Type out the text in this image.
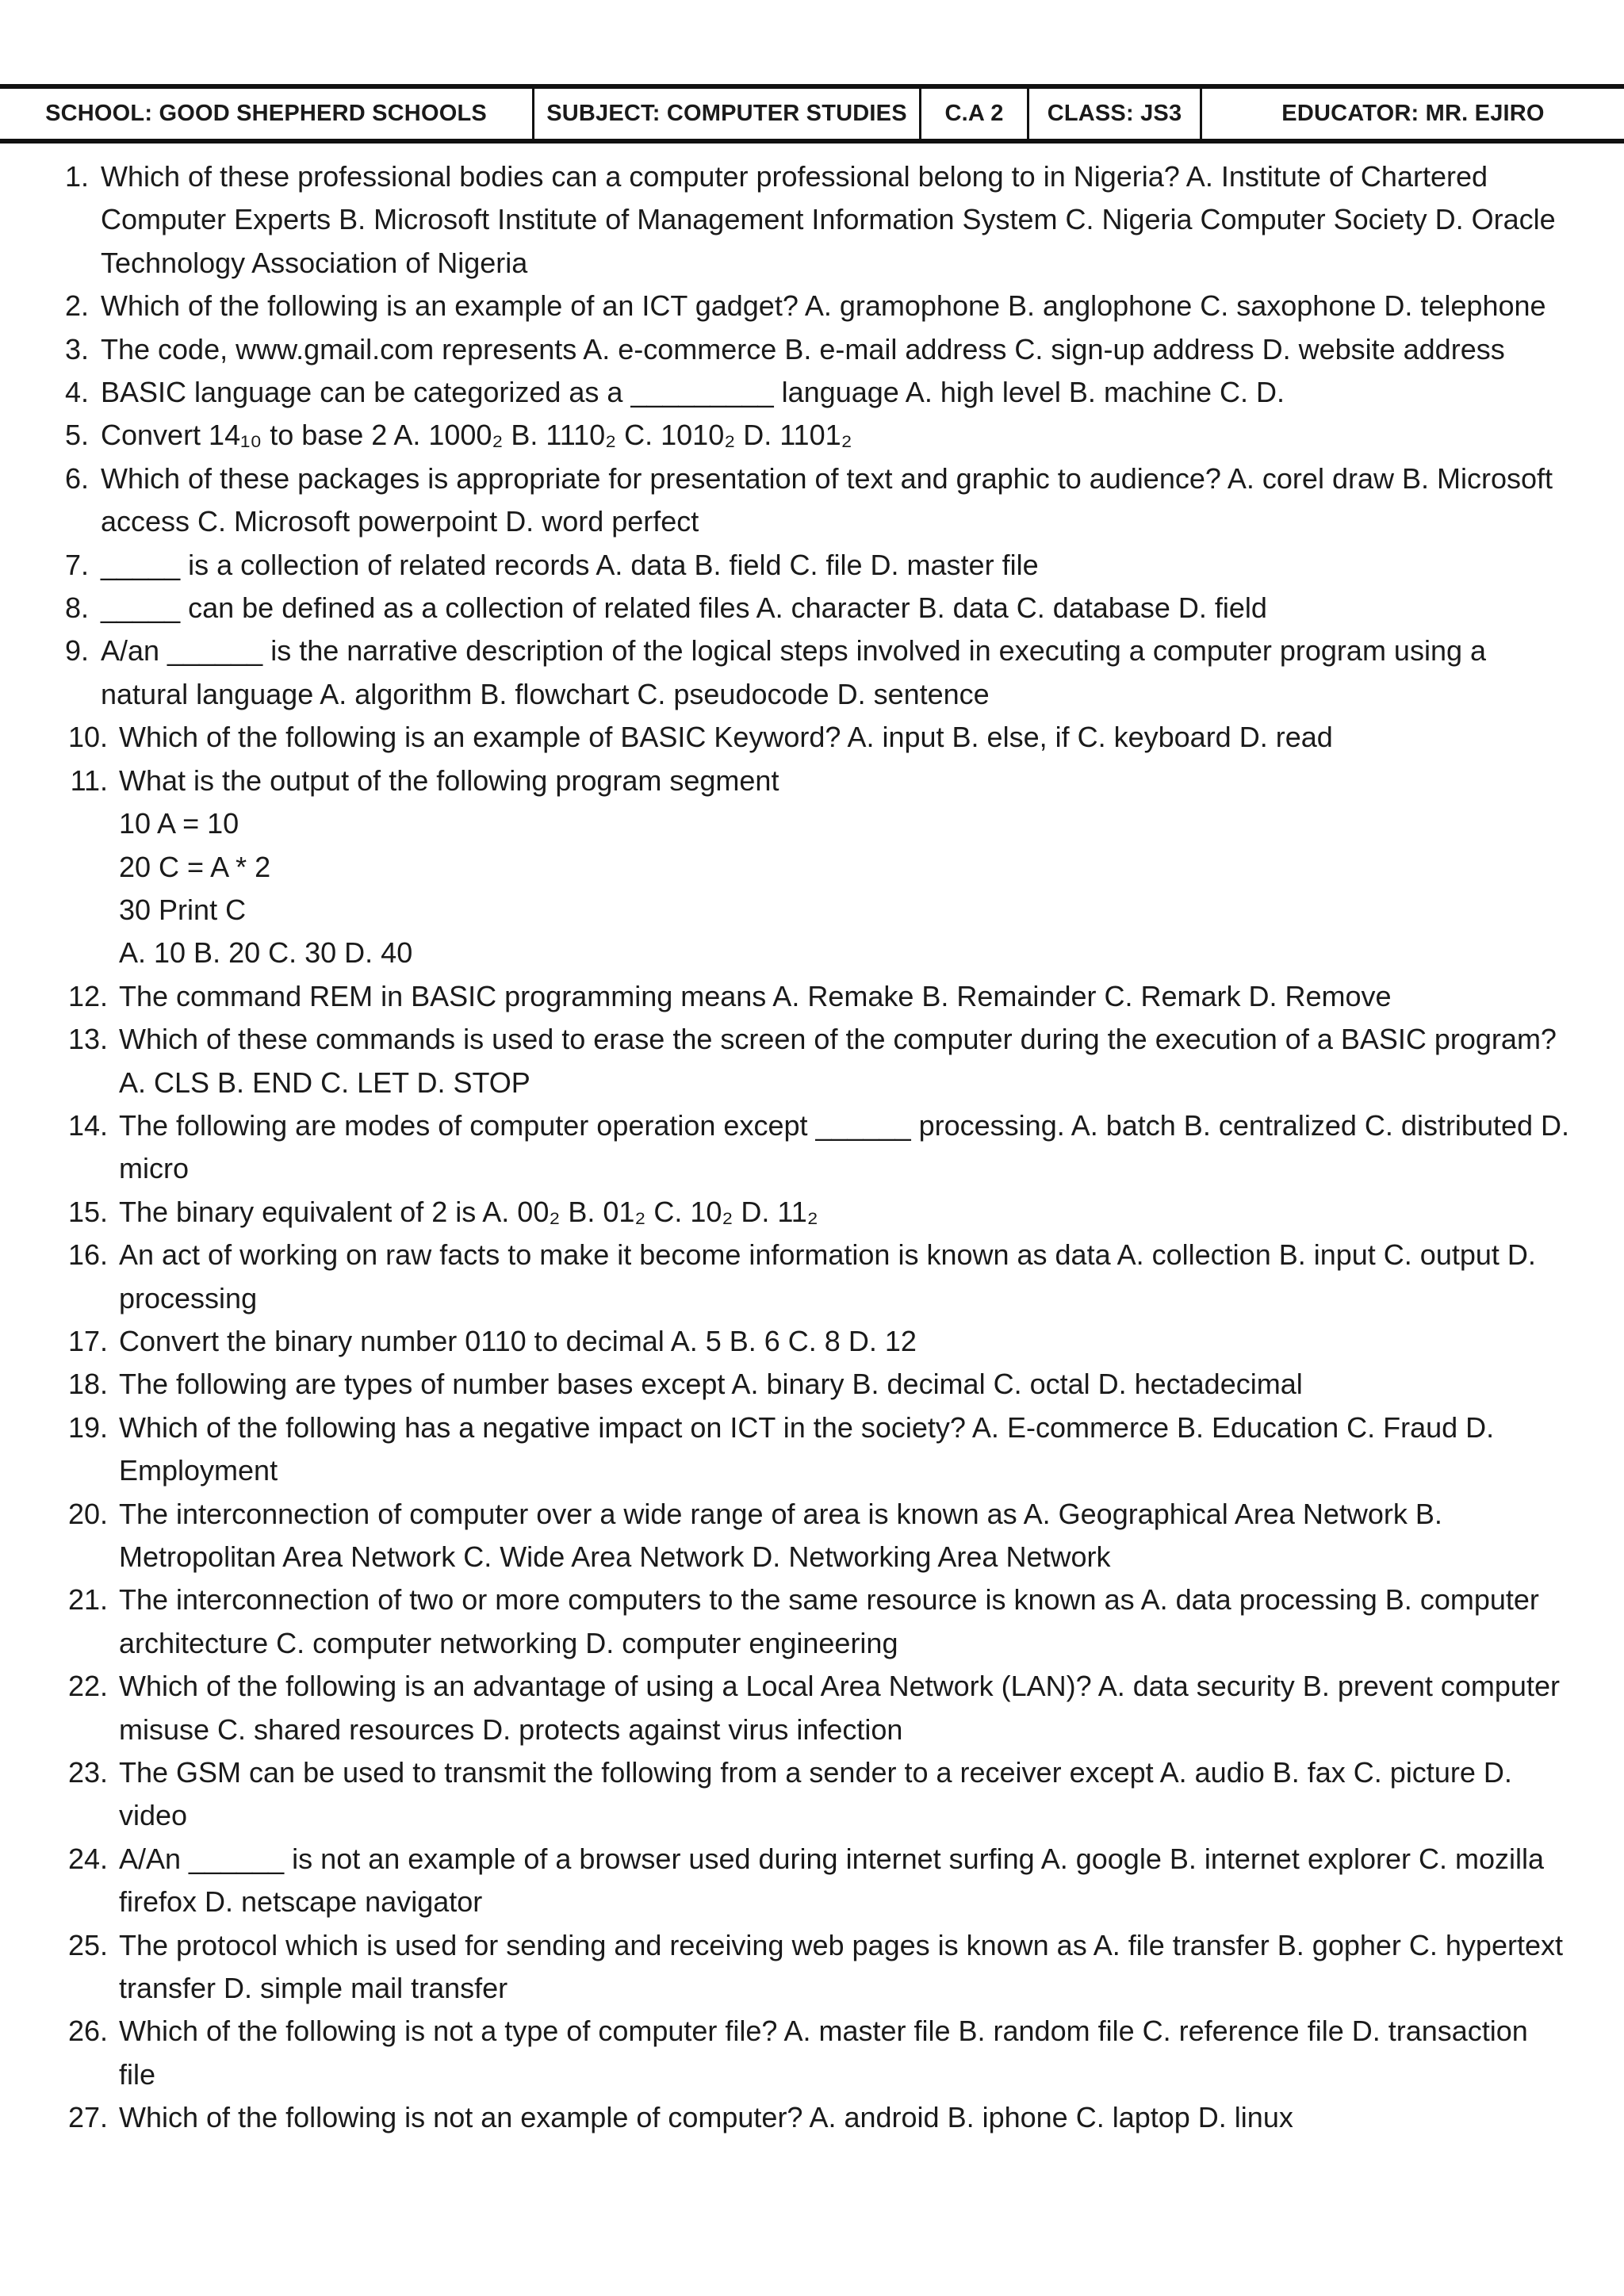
SCHOOL: GOOD SHEPHERD SCHOOLS	SUBJECT: COMPUTER STUDIES	C.A 2	CLASS: JS3	EDUCATOR: MR. EJIRO
1. Which of these professional bodies can a computer professional belong to in Nigeria? A. Institute of Chartered Computer Experts B. Microsoft Institute of Management Information System C. Nigeria Computer Society D. Oracle Technology Association of Nigeria
2. Which of the following is an example of an ICT gadget? A. gramophone B. anglophone C. saxophone D. telephone
3. The code, www.gmail.com represents A. e-commerce B. e-mail address C. sign-up address D. website address
4. BASIC language can be categorized as a _________ language A. high level B. machine C. D.
5. Convert 14₁₀ to base 2 A. 1000₂ B. 1110₂ C. 1010₂ D. 1101₂
6. Which of these packages is appropriate for presentation of text and graphic to audience? A. corel draw B. Microsoft access C. Microsoft powerpoint D. word perfect
7. _____ is a collection of related records A. data B. field C. file D. master file
8. _____ can be defined as a collection of related files A. character B. data C. database D. field
9. A/an ______ is the narrative description of the logical steps involved in executing a computer program using a natural language A. algorithm B. flowchart C. pseudocode D. sentence
10. Which of the following is an example of BASIC Keyword? A. input B. else, if C. keyboard D. read
11. What is the output of the following program segment
10 A = 10
20 C = A * 2
30 Print C
A. 10 B. 20 C. 30 D. 40
12. The command REM in BASIC programming means A. Remake B. Remainder C. Remark D. Remove
13. Which of these commands is used to erase the screen of the computer during the execution of a BASIC program? A. CLS B. END C. LET D. STOP
14. The following are modes of computer operation except ______ processing. A. batch B. centralized C. distributed D. micro
15. The binary equivalent of 2 is A. 00₂ B. 01₂ C. 10₂ D. 11₂
16. An act of working on raw facts to make it become information is known as data A. collection B. input C. output D. processing
17. Convert the binary number 0110 to decimal A. 5 B. 6 C. 8 D. 12
18. The following are types of number bases except A. binary B. decimal C. octal D. hectadecimal
19. Which of the following has a negative impact on ICT in the society? A. E-commerce B. Education C. Fraud D. Employment
20. The interconnection of computer over a wide range of area is known as A. Geographical Area Network B. Metropolitan Area Network C. Wide Area Network D. Networking Area Network
21. The interconnection of two or more computers to the same resource is known as A. data processing B. computer architecture C. computer networking D. computer engineering
22. Which of the following is an advantage of using a Local Area Network (LAN)? A. data security B. prevent computer misuse C. shared resources D. protects against virus infection
23. The GSM can be used to transmit the following from a sender to a receiver except A. audio B. fax C. picture D. video
24. A/An ______ is not an example of a browser used during internet surfing A. google B. internet explorer C. mozilla firefox D. netscape navigator
25. The protocol which is used for sending and receiving web pages is known as A. file transfer B. gopher C. hypertext transfer D. simple mail transfer
26. Which of the following is not a type of computer file? A. master file B. random file C. reference file D. transaction file
27. Which of the following is not an example of computer? A. android B. iphone C. laptop D. linux
